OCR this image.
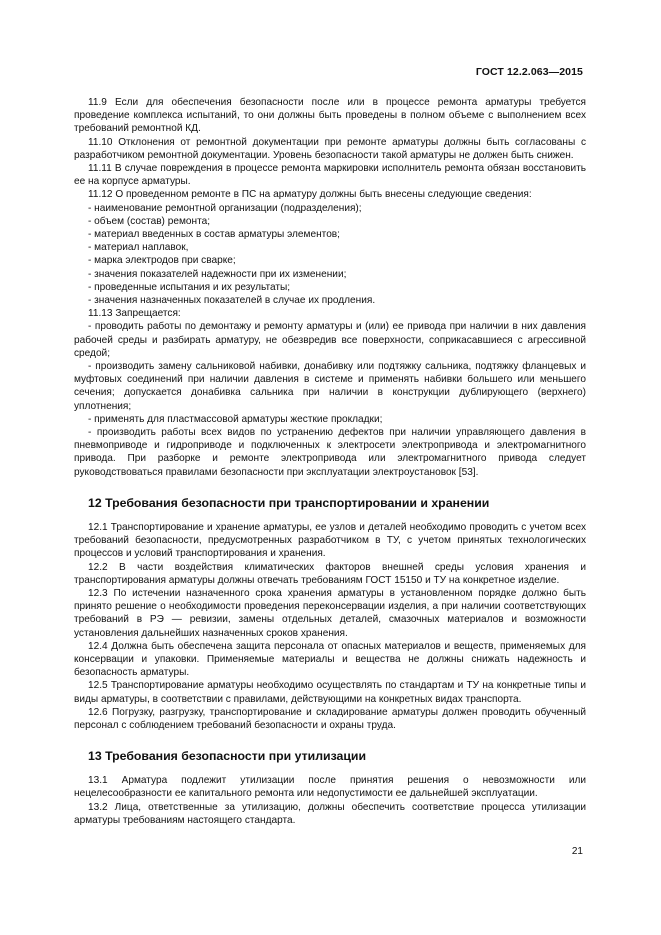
ГОСТ 12.2.063—2015

11.9 Если для обеспечения безопасности после или в процессе ремонта арматуры требуется проведение комплекса испытаний, то они должны быть проведены в полном объеме с выполнением всех требований ремонтной КД.

11.10 Отклонения от ремонтной документации при ремонте арматуры должны быть согласованы с разработчиком ремонтной документации. Уровень безопасности такой арматуры не должен быть снижен.

11.11 В случае повреждения в процессе ремонта маркировки исполнитель ремонта обязан восстановить ее на корпусе арматуры.

11.12 О проведенном ремонте в ПС на арматуру должны быть внесены следующие сведения:

- наименование ремонтной организации (подразделения);

- объем (состав) ремонта;

- материал введенных в состав арматуры элементов;

- материал наплавок,

- марка электродов при сварке;

- значения показателей надежности при их изменении;

- проведенные испытания и их результаты;

- значения назначенных показателей в случае их продления.

11.13 Запрещается:

- проводить работы по демонтажу и ремонту арматуры и (или) ее привода при наличии в них давления рабочей среды и разбирать арматуру, не обезвредив все поверхности, соприкасавшиеся с агрессивной средой;

- производить замену сальниковой набивки, донабивку или подтяжку сальника, подтяжку фланцевых и муфтовых соединений при наличии давления в системе и применять набивки большего или меньшего сечения; допускается донабивка сальника при наличии в конструкции дублирующего (верхнего) уплотнения;

- применять для пластмассовой арматуры жесткие прокладки;

- производить работы всех видов по устранению дефектов при наличии управляющего давления в пневмоприводе и гидроприводе и подключенных к электросети электропривода и электромагнитного привода. При разборке и ремонте электропривода или электромагнитного привода следует руководствоваться правилами безопасности при эксплуатации электроустановок [53].

12 Требования безопасности при транспортировании и хранении

12.1 Транспортирование и хранение арматуры, ее узлов и деталей необходимо проводить с учетом всех требований безопасности, предусмотренных разработчиком в ТУ, с учетом принятых технологических процессов и условий транспортирования и хранения.

12.2 В части воздействия климатических факторов внешней среды условия хранения и транспортирования арматуры должны отвечать требованиям ГОСТ 15150 и ТУ на конкретное изделие.

12.3 По истечении назначенного срока хранения арматуры в установленном порядке должно быть принято решение о необходимости проведения переконсервации изделия, а при наличии соответствующих требований в РЭ — ревизии, замены отдельных деталей, смазочных материалов и возможности установления дальнейших назначенных сроков хранения.

12.4 Должна быть обеспечена защита персонала от опасных материалов и веществ, применяемых для консервации и упаковки. Применяемые материалы и вещества не должны снижать надежность и безопасность арматуры.

12.5 Транспортирование арматуры необходимо осуществлять по стандартам и ТУ на конкретные типы и виды арматуры, в соответствии с правилами, действующими на конкретных видах транспорта.

12.6 Погрузку, разгрузку, транспортирование и складирование арматуры должен проводить обученный персонал с соблюдением требований безопасности и охраны труда.

13 Требования безопасности при утилизации

13.1 Арматура подлежит утилизации после принятия решения о невозможности или нецелесообразности ее капитального ремонта или недопустимости ее дальнейшей эксплуатации.

13.2 Лица, ответственные за утилизацию, должны обеспечить соответствие процесса утилизации арматуры требованиям настоящего стандарта.

21
